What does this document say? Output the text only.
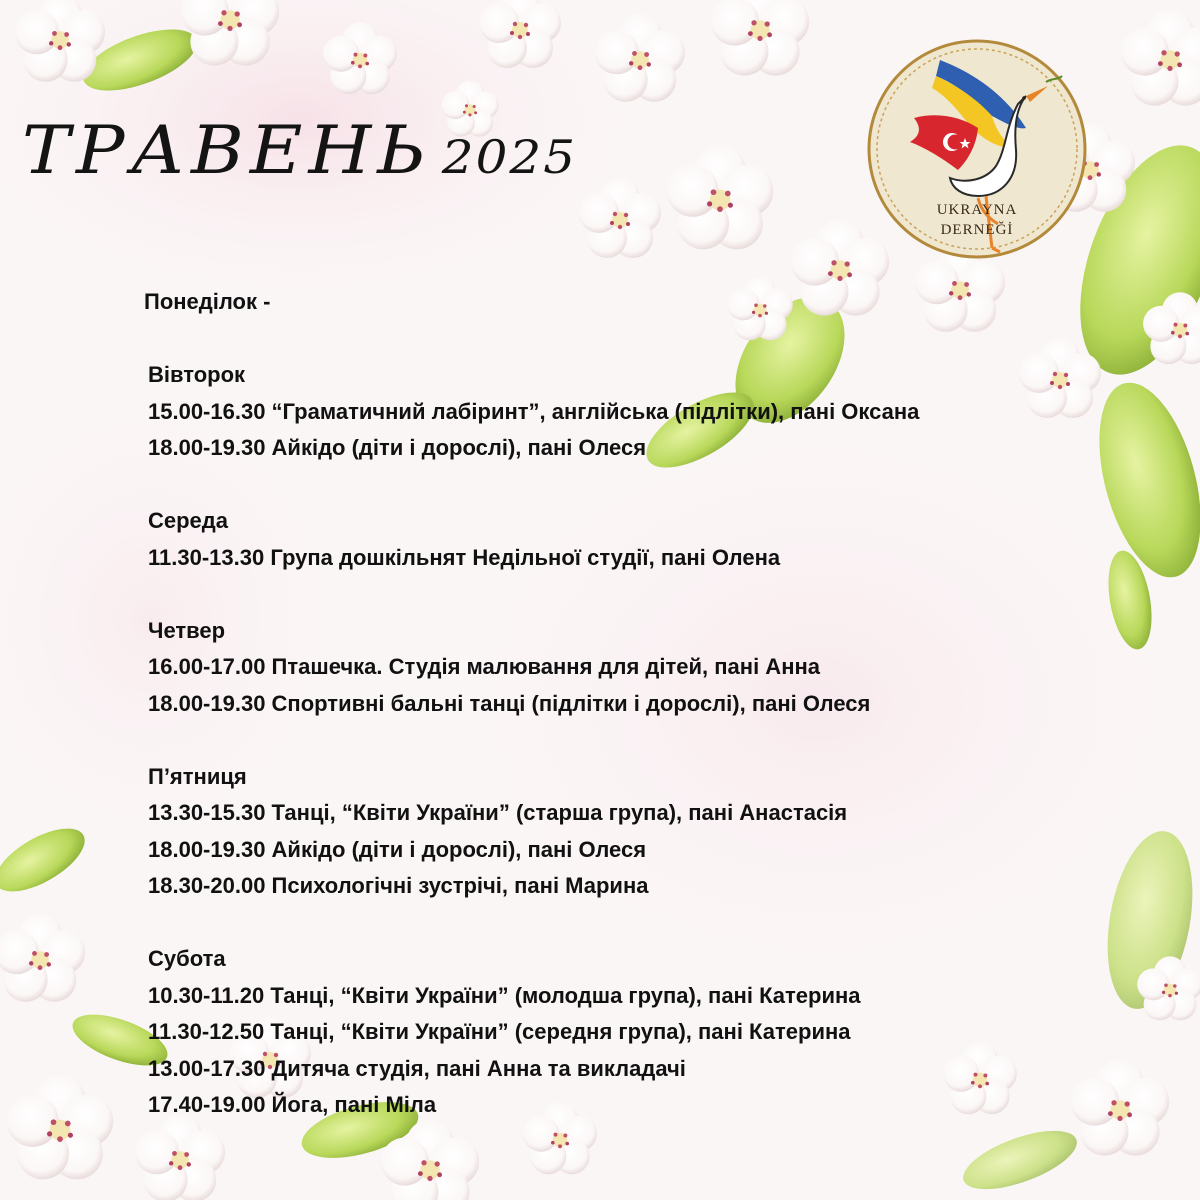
ТРАВЕНЬ 2025
UKRAYNA
DERNEĞİ
Понеділок -
Вівторок
15.00-16.30 “Граматичний лабіринт”, англійська (підлітки), пані Оксана
18.00-19.30 Айкідо (діти і дорослі), пані Олеся
Середа
11.30-13.30 Група дошкільнят Недільної студії, пані Олена
Четвер
16.00-17.00 Пташечка. Студія малювання для дітей, пані Анна
18.00-19.30 Спортивні бальні танці (підлітки і дорослі), пані Олеся
П’ятниця
13.30-15.30 Танці, “Квіти України” (старша група), пані Анастасія
18.00-19.30 Айкідо (діти і дорослі), пані Олеся
18.30-20.00 Психологічні зустрічі, пані Марина
Субота
10.30-11.20 Танці, “Квіти України” (молодша група), пані Катерина
11.30-12.50 Танці, “Квіти України” (середня група), пані Катерина
13.00-17.30 Дитяча студія, пані Анна та викладачі
17.40-19.00 Йога, пані Міла
